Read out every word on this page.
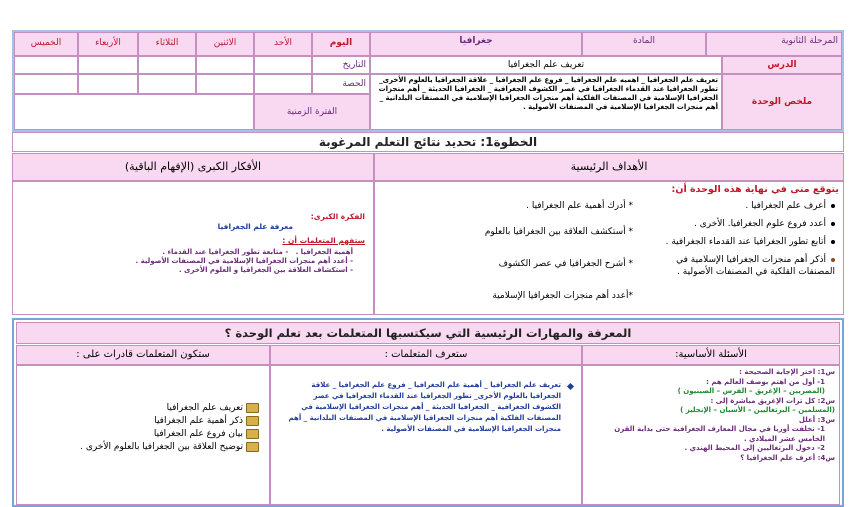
المرحلة الثانوية
المادة
جغرافيا
اليوم
الأحد
الاثنين
الثلاثاء
الأربعاء
الخميس
الدرس
تعريف علم الجغرافيا
التاريخ
ملخص الوحدة
تعريف علم الجغرافيا _ اهميه علم الجغرافيا _ فروع علم الجغرافيا _ علاقة الجغرافيا بالعلوم الأخرى_ تطور الجغرافيا عند القدماء الجغرافيا في عصر الكشوف الجغرافية _ الجغرافيا الحديثة _ أهم منجزات الجغرافيا الإسلامية في المصنفات الفلكية أهم منجزات الجغرافيا الإسلامية في المصنفات البلدانية _ أهم منجزات الجغرافيا الإسلامية في المصنفات الأصولية .
الحصة
الفترة الزمنية
الخطوة1: تحديد نتائج التعلم المرغوبة
الأهداف الرئيسية
الأفكار الكبرى (الإفهام الباقية)
يتوقع متى في نهاية هذه الوحدة أن:
أعرف علم الجغرافيا .
أعدد فروع علوم الجغرافيا. الأخرى .
أتابع تطور الجغرافيا عند القدماء الجغرافية .
أذكر أهم منجزات الجغرافيا الإسلامية في المصنفات القلكية في المصنفات الأصولية .
* أدرك أهمية علم الجغرافيا .
* أستكشف العلاقة بين الجغرافيا بالعلوم
* أشرح الجغرافيا في عصر الكشوف
*أعدد أهم منجزات الجغرافيا الإسلامية
الفكرة الكبرى:
معرفة علم الجغرافيا
ستفهم المتعلمات أن :
أهمية الجغرافيا .   - متابعة تطور الجغرافيا عند القدماء .
- أعدد أهم منجزات الجغرافيا الإسلامية في المصنفات الأصولية .
- استكشاف العلاقة بين الجغرافيا و العلوم الأخرى .
المعرفة والمهارات الرئيسية التي سيكتسبها المتعلمات بعد تعلم الوحدة ؟
الأسئلة الأساسية:
ستعرف المتعلمات :
ستكون المتعلمات قادرات على :
س1: اختر الإجابة الصحيحة :
1- أول من اهتم بوصف العالم هم :
(المصريين – الإغريق – الفرس – الصينيون )
س2: كل ترات الإغريق مباشرة إلى :
(المسلمين – البرتغاليين – الأسبان – الإنجليز )
س3: أعلل
1- تخلفت أوربا في مجال المعارف الجغرافية حتى بداية القرن الخامس عشر الميلادي .
2- دخول البرتغاليين إلى المحيط الهندي .
س4: أعرف علم الجغرافيا ؟
تعريف علم الجغرافيا _ أهمية علم الجغرافيا _ فروع علم الجغرافيا _ علاقة الجغرافيا بالعلوم الأخرى_ تطور الجغرافيا عند القدماء الجغرافيا في عصر الكشوف الجغرافية _ الجغرافيا الحديثة _ أهم منجزات الجغرافيا الإسلامية في المصنفات الفلكية أهم منجزات الجغرافيا الإسلامية في المصنفات البلدانية _ أهم منجزات الجغرافيا الإسلامية في المصنفات الأصولية .
تعريف علم الجغرافيا
ذكر أهمية علم الجغرافيا
بيان فروع علم الجغرافيا
توضيح العلاقة بين الجغرافيا بالعلوم الأخرى .
